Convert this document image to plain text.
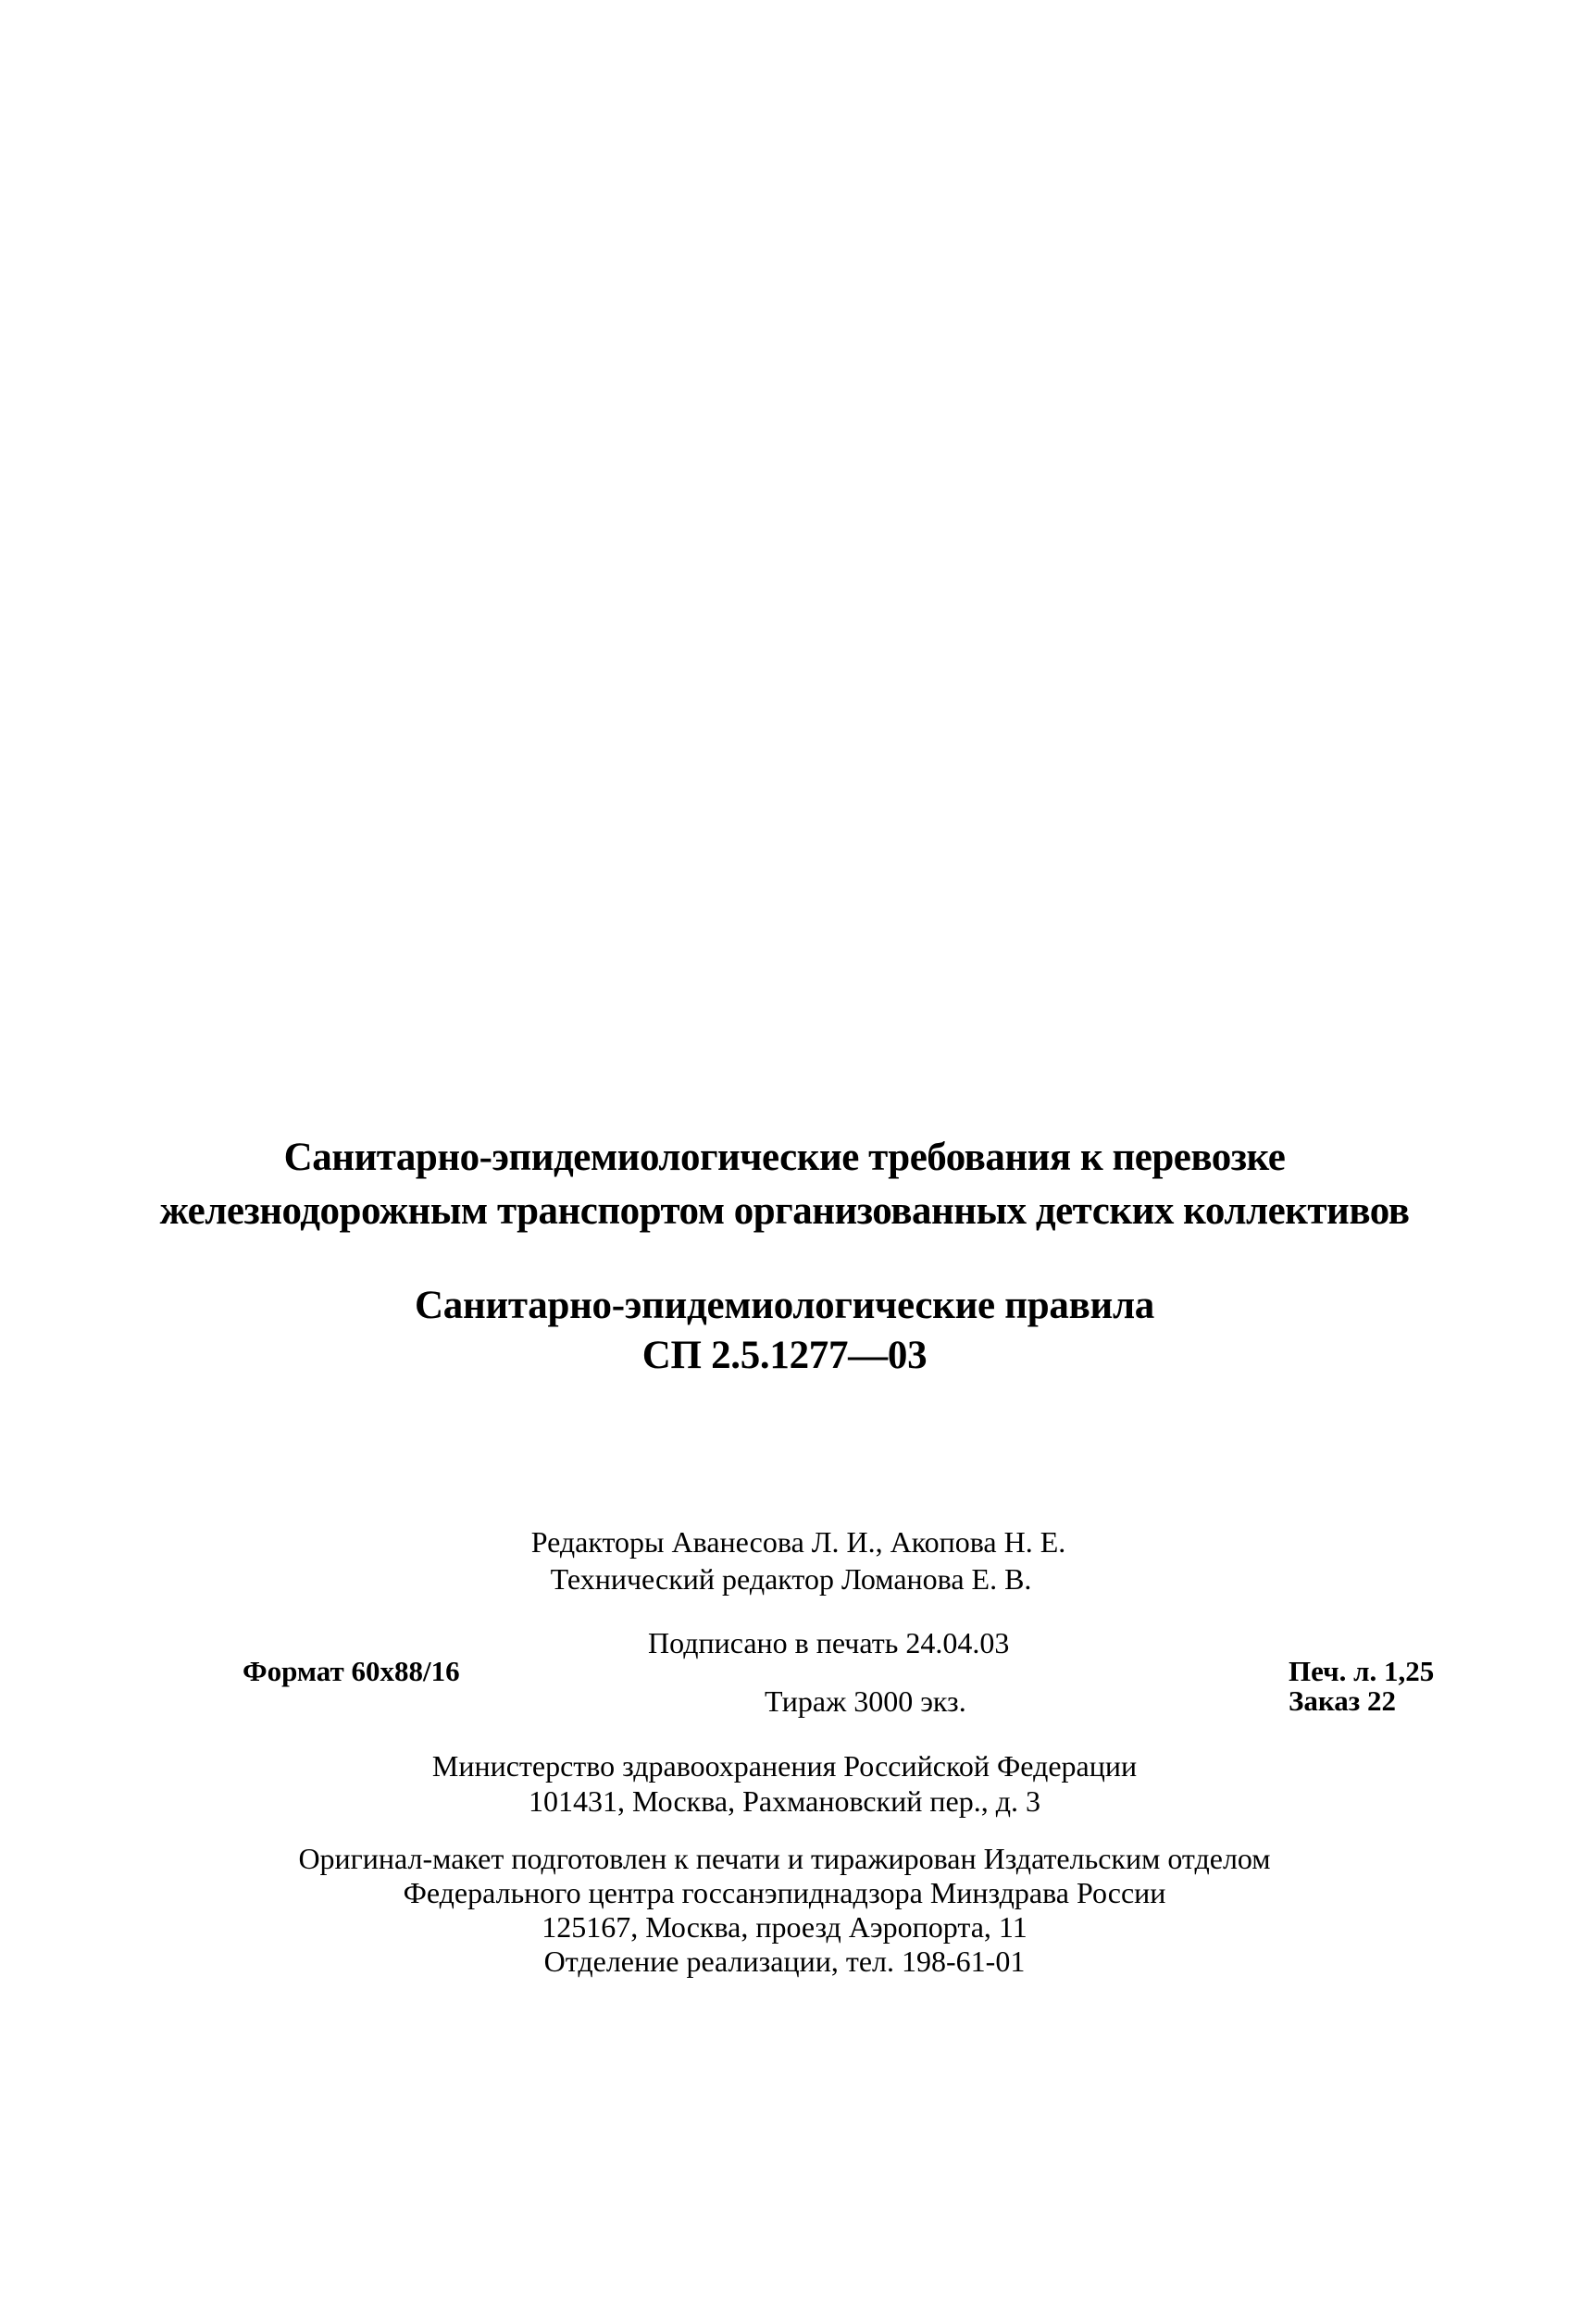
Санитарно-эпидемиологические требования к перевозке
железнодорожным транспортом организованных детских коллективов
Санитарно-эпидемиологические правила
СП 2.5.1277—03
Редакторы Аванесова Л. И., Акопова Н. Е.
Технический редактор Ломанова Е. В.
Подписано в печать 24.04.03
Формат 60x88/16
Тираж 3000 экз.
Печ. л. 1,25
Заказ 22
Министерство здравоохранения Российской Федерации
101431, Москва, Рахмановский пер., д. 3
Оригинал-макет подготовлен к печати и тиражирован Издательским отделом
Федерального центра госсанэпиднадзора Минздрава России
125167, Москва, проезд Аэропорта, 11
Отделение реализации, тел. 198-61-01
